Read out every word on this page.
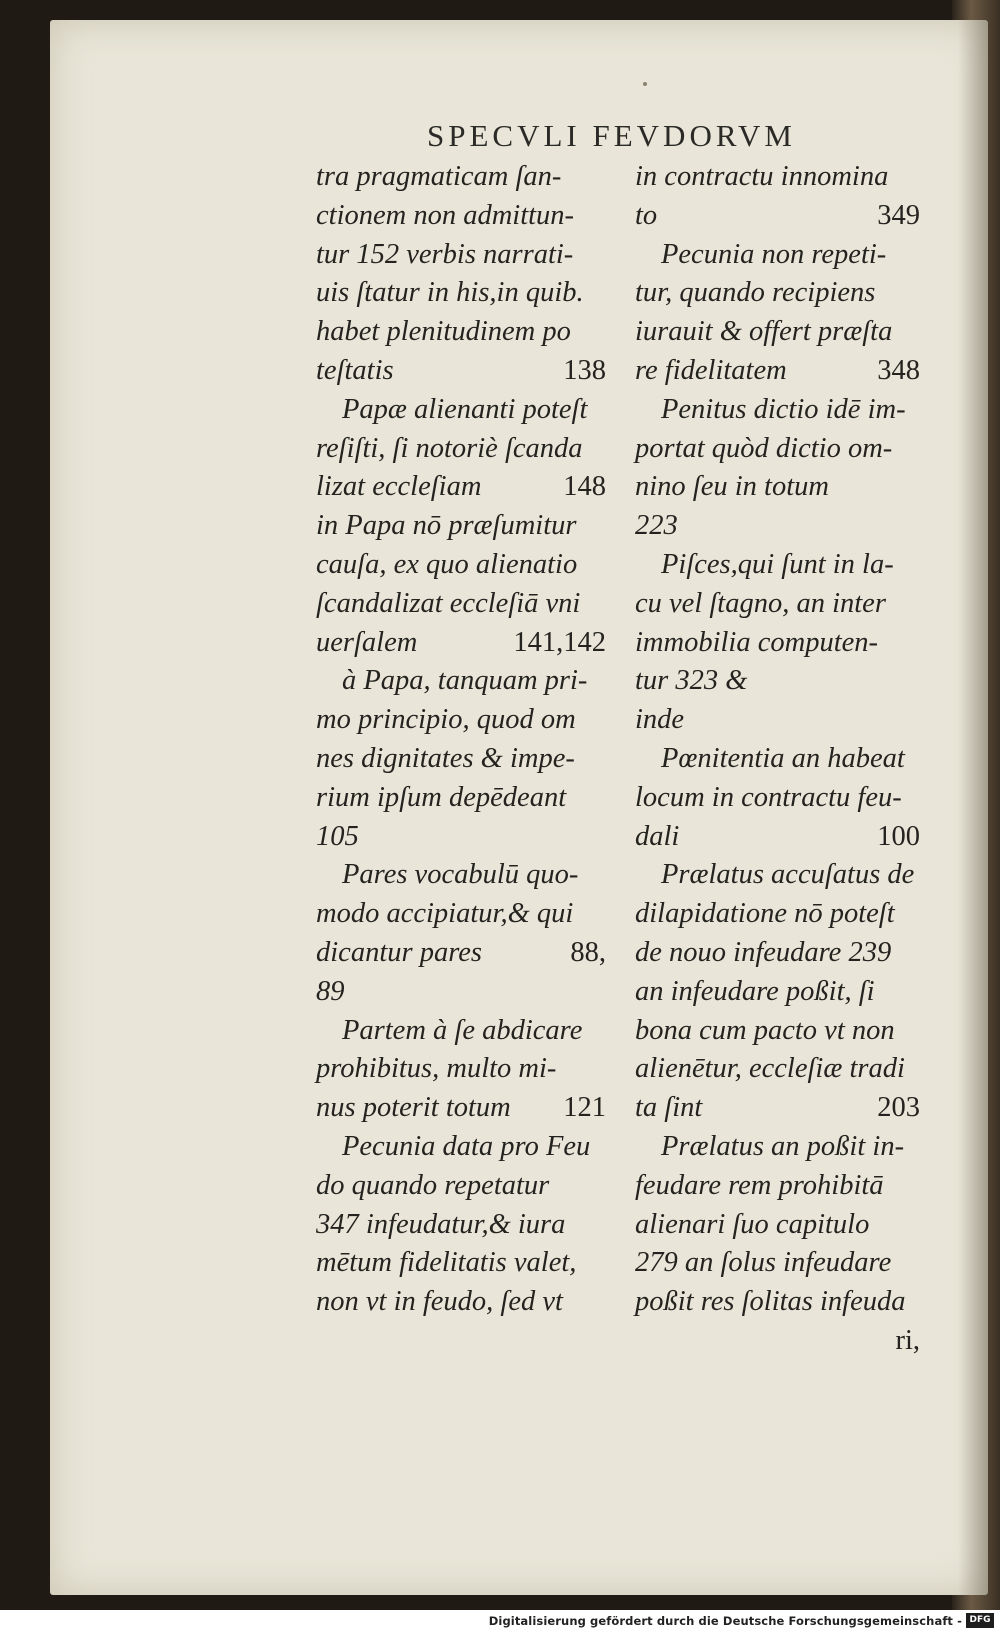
SPECVLI FEVDORVM
tra pragmaticam ſan-
ctionem non admittun-
tur 152 verbis narrati-
uis ſtatur in his,in quib.
habet plenitudinem po
teſtatis	138
Papæ alienanti poteſt
reſiſti, ſi notoriè ſcanda
lizat eccleſiam	148
in Papa nō præſumitur
cauſa, ex quo alienatio
ſcandalizat eccleſiā vni
uerſalem	141,142
à Papa, tanquam pri-
mo principio, quod om
nes dignitates & impe-
rium ipſum depēdeant
105
Pares vocabulū quo-
modo accipiatur,& qui
dicantur pares	88,
89
Partem à ſe abdicare
prohibitus, multo mi-
nus poterit totum 121
Pecunia data pro Feu
do quando repetatur
347 infeudatur,& iura
mētum fidelitatis valet,
non vt in feudo, ſed vt
in contractu innomina
to	349
Pecunia non repeti-
tur, quando recipiens
iurauit & offert præſta
re fidelitatem	348
Penitus dictio idē im-
portat quòd dictio om-
nino ſeu in totum
223
Piſces,qui ſunt in la-
cu vel ſtagno, an inter
immobilia computen-
tur 323 &
inde
Pœnitentia an habeat
locum in contractu feu-
dali	100
Prælatus accuſatus de
dilapidatione nō poteſt
de nouo infeudare 239
an infeudare poßit, ſi
bona cum pacto vt non
alienētur, eccleſiæ tradi
ta ſint	203
Prælatus an poßit in-
feudare rem prohibitā
alienari ſuo capitulo
279 an ſolus infeudare
poßit res ſolitas infeuda
ri,
Digitalisierung gefördert durch die Deutsche Forschungsgemeinschaft - DFG
